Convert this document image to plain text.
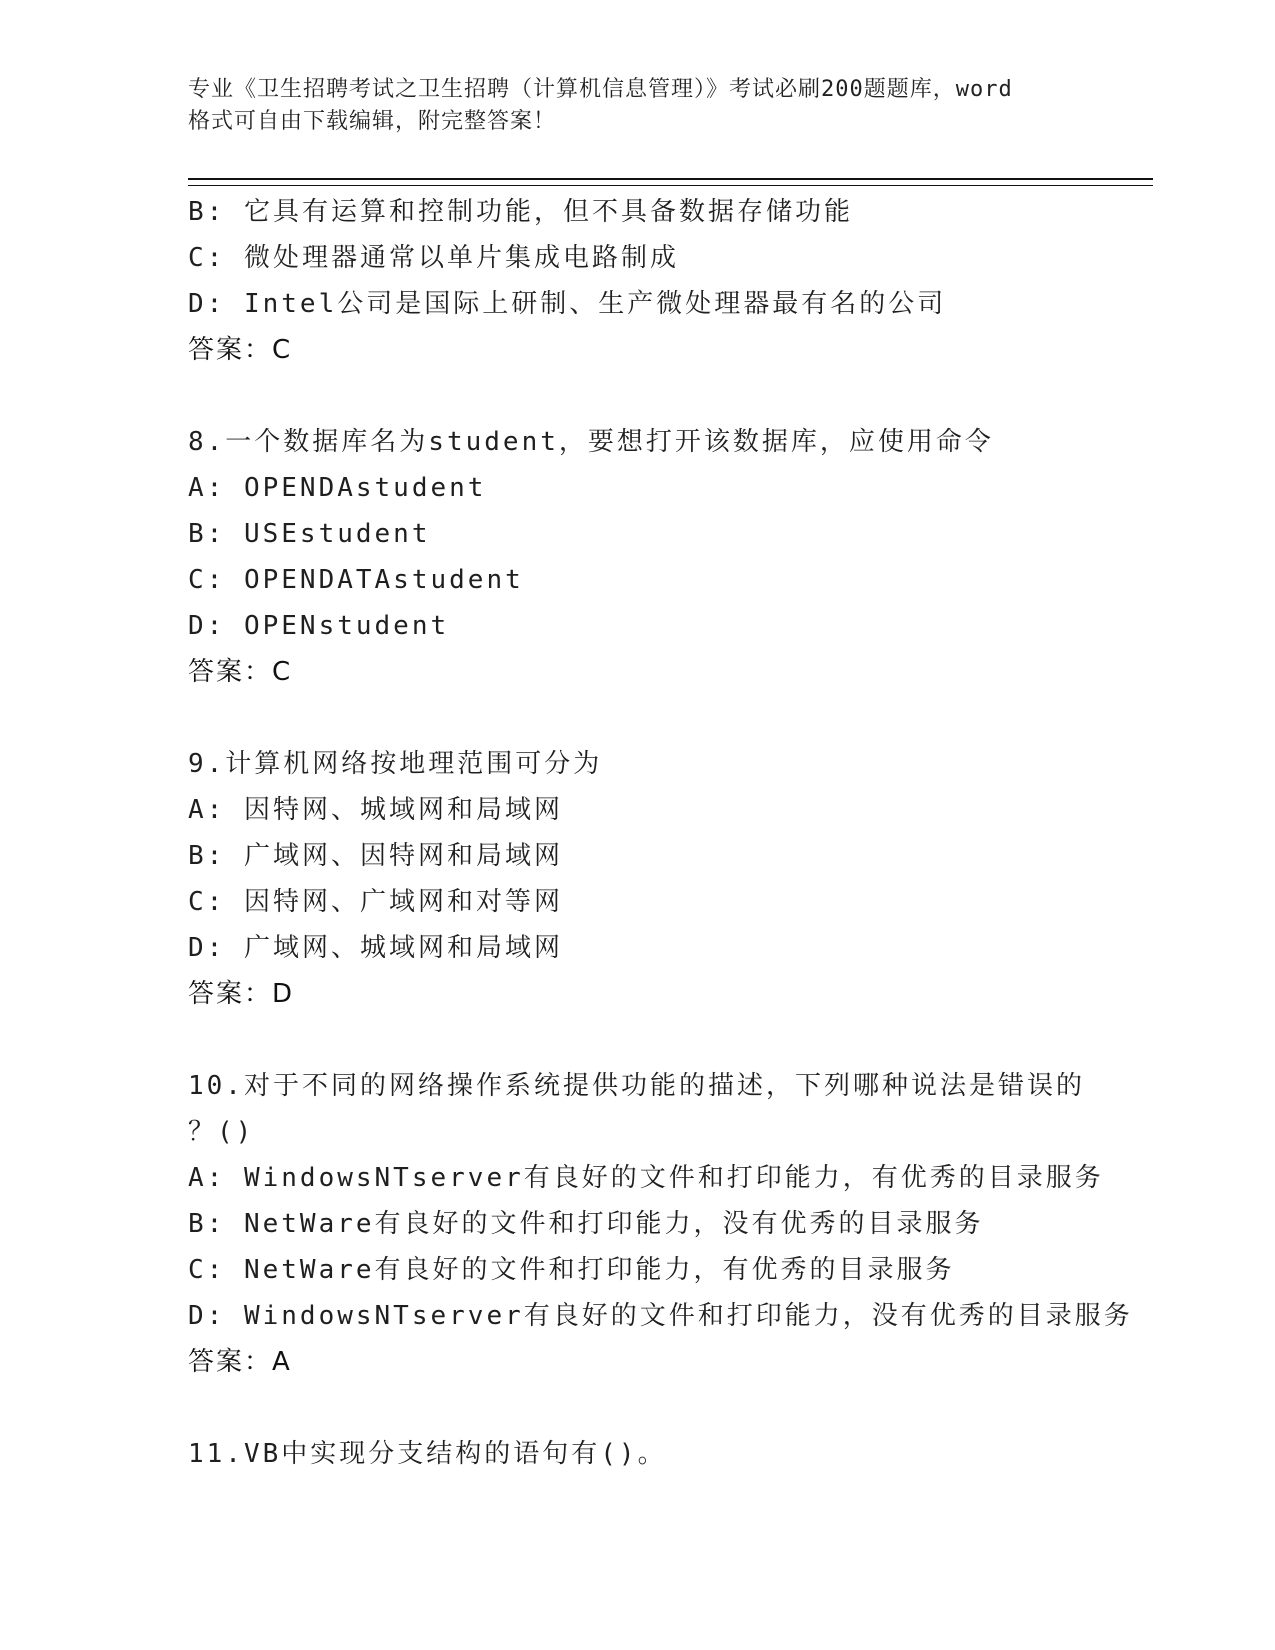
专业《卫生招聘考试之卫生招聘（计算机信息管理）》考试必刷200题题库，word
格式可自由下载编辑，附完整答案！
B: 它具有运算和控制功能，但不具备数据存储功能
C: 微处理器通常以单片集成电路制成
D: Intel公司是国际上研制、生产微处理器最有名的公司
答案：C
8.一个数据库名为student，要想打开该数据库，应使用命令
A: OPENDAstudent
B: USEstudent
C: OPENDATAstudent
D: OPENstudent
答案：C
9.计算机网络按地理范围可分为
A: 因特网、城域网和局域网
B: 广域网、因特网和局域网
C: 因特网、广域网和对等网
D: 广域网、城域网和局域网
答案：D
10.对于不同的网络操作系统提供功能的描述，下列哪种说法是错误的
？()
A: WindowsNTserver有良好的文件和打印能力，有优秀的目录服务
B: NetWare有良好的文件和打印能力，没有优秀的目录服务
C: NetWare有良好的文件和打印能力，有优秀的目录服务
D: WindowsNTserver有良好的文件和打印能力，没有优秀的目录服务
答案：A
11.VB中实现分支结构的语句有()。
